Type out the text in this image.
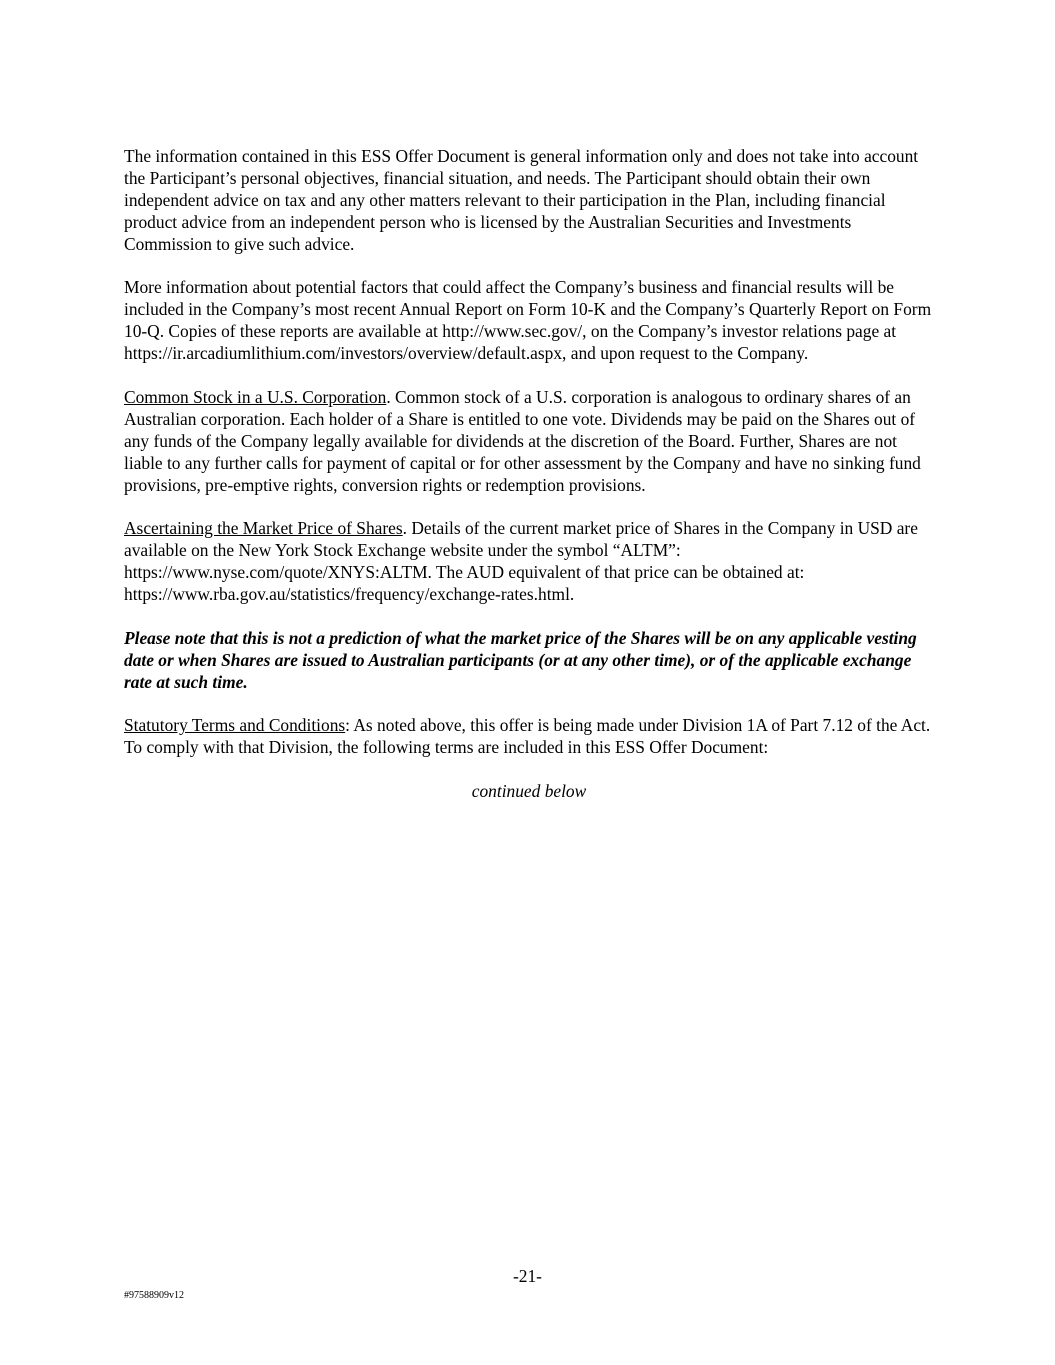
The information contained in this ESS Offer Document is general information only and does not take into account the Participant’s personal objectives, financial situation, and needs. The Participant should obtain their own independent advice on tax and any other matters relevant to their participation in the Plan, including financial product advice from an independent person who is licensed by the Australian Securities and Investments Commission to give such advice.

More information about potential factors that could affect the Company’s business and financial results will be included in the Company’s most recent Annual Report on Form 10-K and the Company’s Quarterly Report on Form 10-Q. Copies of these reports are available at http://www.sec.gov/, on the Company’s investor relations page at https://ir.arcadiumlithium.com/investors/overview/default.aspx, and upon request to the Company.

Common Stock in a U.S. Corporation. Common stock of a U.S. corporation is analogous to ordinary shares of an Australian corporation. Each holder of a Share is entitled to one vote. Dividends may be paid on the Shares out of any funds of the Company legally available for dividends at the discretion of the Board. Further, Shares are not liable to any further calls for payment of capital or for other assessment by the Company and have no sinking fund provisions, pre-emptive rights, conversion rights or redemption provisions.

Ascertaining the Market Price of Shares. Details of the current market price of Shares in the Company in USD are available on the New York Stock Exchange website under the symbol “ALTM”: https://www.nyse.com/quote/XNYS:ALTM. The AUD equivalent of that price can be obtained at: https://www.rba.gov.au/statistics/frequency/exchange-rates.html.

Please note that this is not a prediction of what the market price of the Shares will be on any applicable vesting date or when Shares are issued to Australian participants (or at any other time), or of the applicable exchange rate at such time.

Statutory Terms and Conditions: As noted above, this offer is being made under Division 1A of Part 7.12 of the Act. To comply with that Division, the following terms are included in this ESS Offer Document:

continued below

-21-
#97588909v12
